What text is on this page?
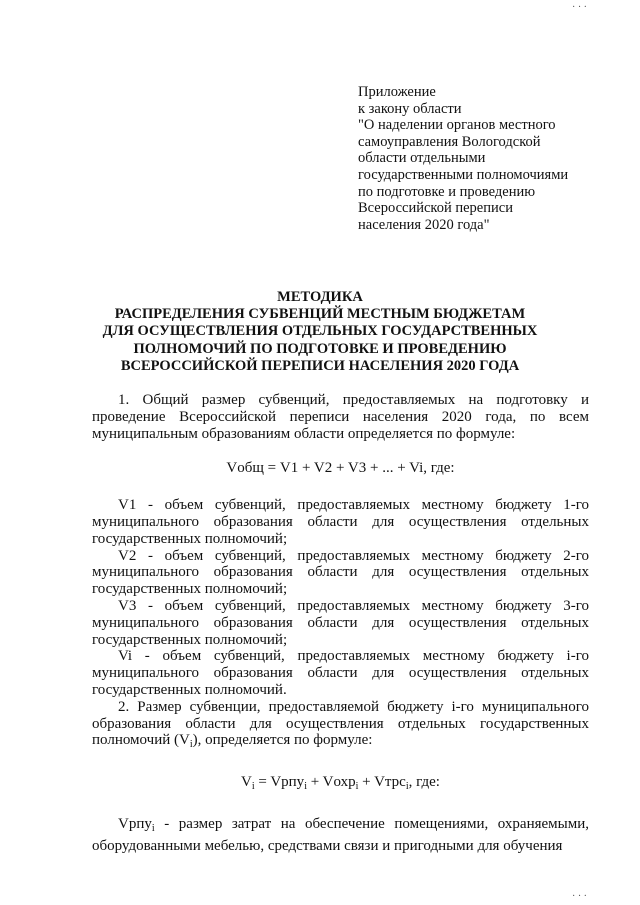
Приложение
к закону области
"О наделении органов местного
самоуправления Вологодской
области отдельными
государственными полномочиями
по подготовке и проведению
Всероссийской переписи
населения 2020 года"
МЕТОДИКА
РАСПРЕДЕЛЕНИЯ СУБВЕНЦИЙ МЕСТНЫМ БЮДЖЕТАМ
ДЛЯ ОСУЩЕСТВЛЕНИЯ ОТДЕЛЬНЫХ ГОСУДАРСТВЕННЫХ
ПОЛНОМОЧИЙ ПО ПОДГОТОВКЕ И ПРОВЕДЕНИЮ
ВСЕРОССИЙСКОЙ ПЕРЕПИСИ НАСЕЛЕНИЯ 2020 ГОДА

1. Общий размер субвенций, предоставляемых на подготовку и проведение Всероссийской переписи населения 2020 года, по всем муниципальным образованиям области определяется по формуле:

Vобщ = V1 + V2 + V3 + ... + Vi, где:

V1 - объем субвенций, предоставляемых местному бюджету 1-го муниципального образования области для осуществления отдельных государственных полномочий;

V2 - объем субвенций, предоставляемых местному бюджету 2-го муниципального образования области для осуществления отдельных государственных полномочий;

V3 - объем субвенций, предоставляемых местному бюджету 3-го муниципального образования области для осуществления отдельных государственных полномочий;

Vi - объем субвенций, предоставляемых местному бюджету i-го муниципального образования области для осуществления отдельных государственных полномочий.

2. Размер субвенции, предоставляемой бюджету i-го муниципального образования области для осуществления отдельных государственных полномочий $(V_i)$, определяется по формуле:

$V_i$ = Vрпу$_i$ + Vохр$_i$ + Vтрс$_i$, где:

Vрпу$_i$ - размер затрат на обеспечение помещениями, охраняемыми, оборудованными мебелью, средствами связи и пригодными для обучения

· · ·
· · ·
